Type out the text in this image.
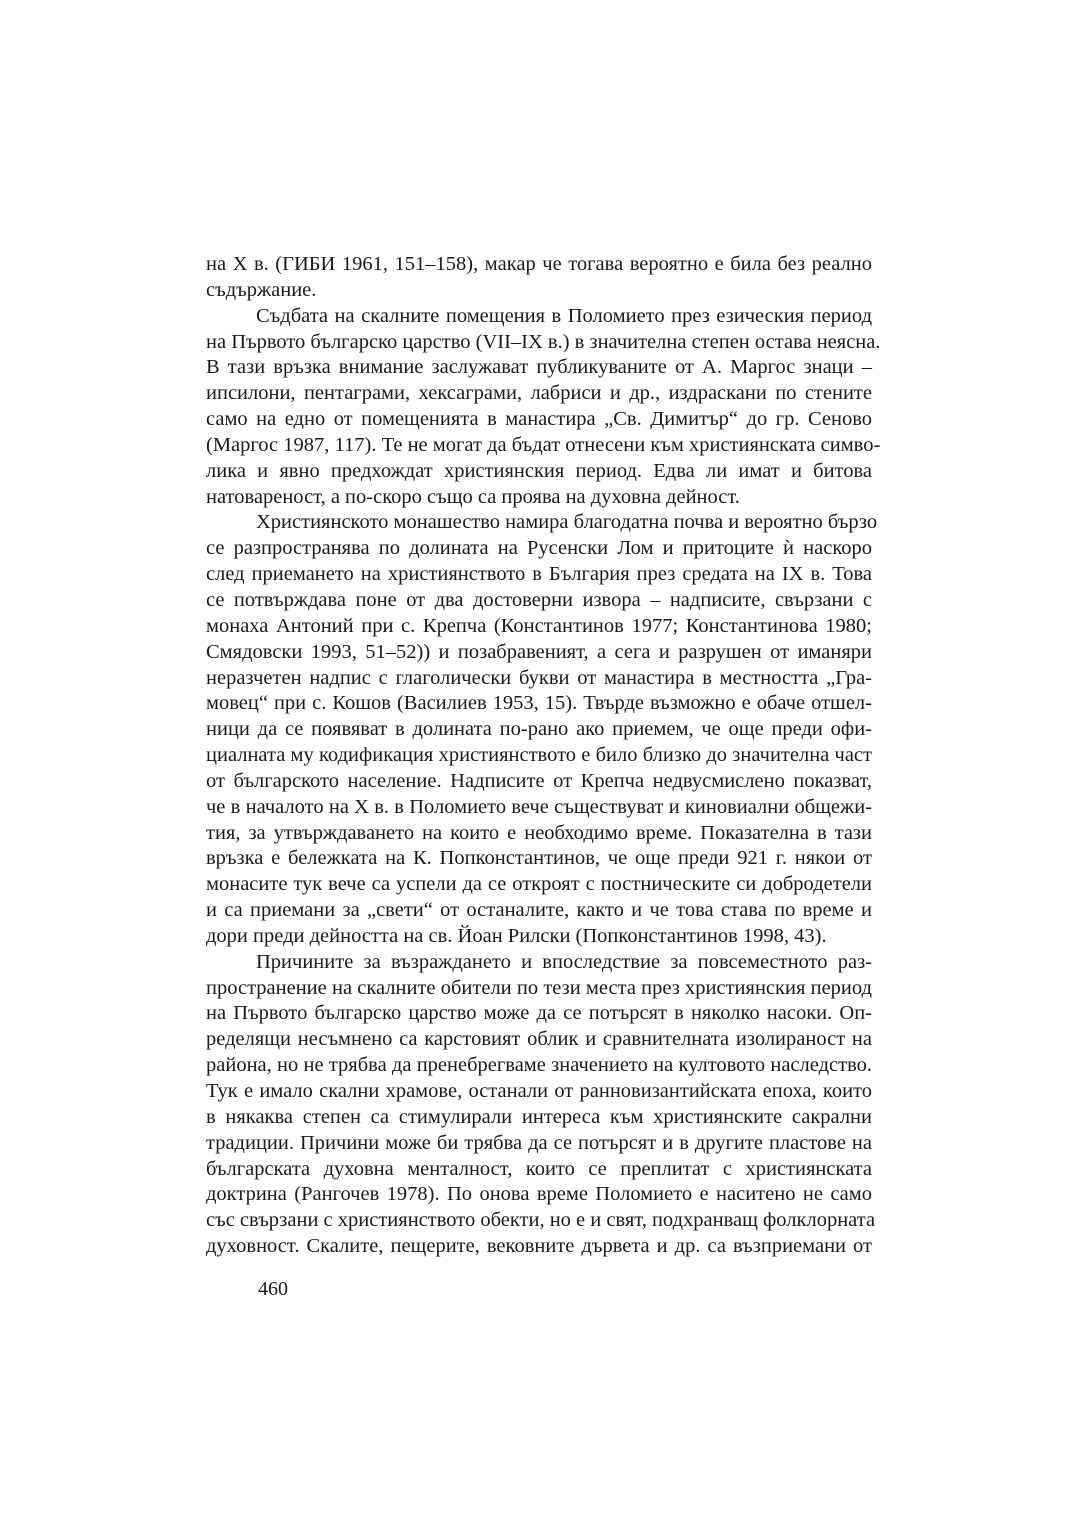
на X в. (ГИБИ 1961, 151–158), макар че тогава вероятно е била без реално
съдържание.
Съдбата на скалните помещения в Поломието през езическия период
на Първото българско царство (VII–IX в.) в значителна степен остава неясна.
В тази връзка внимание заслужават публикуваните от А. Маргос знаци –
ипсилони, пентаграми, хексаграми, лабриси и др., издраскани по стените
само на едно от помещенията в манастира „Св. Димитър“ до гр. Сеново
(Маргос 1987, 117). Те не могат да бъдат отнесени към християнската симво-
лика и явно предхождат християнския период. Едва ли имат и битова
натовареност, а по-скоро също са проява на духовна дейност.
Християнското монашество намира благодатна почва и вероятно бързо
се разпространява по долината на Русенски Лом и притоците ѝ наскоро
след приемането на християнството в България през средата на IX в. Това
се потвърждава поне от два достоверни извора – надписите, свързани с
монаха Антоний при с. Крепча (Константинов 1977; Константинова 1980;
Смядовски 1993, 51–52)) и позабравеният, а сега и разрушен от иманяри
неразчетен надпис с глаголически букви от манастира в местността „Гра-
мовец“ при с. Кошов (Василиев 1953, 15). Твърде възможно е обаче отшел-
ници да се появяват в долината по-рано ако приемем, че още преди офи-
циалната му кодификация християнството е било близко до значителна част
от българското население. Надписите от Крепча недвусмислено показват,
че в началото на X в. в Поломието вече съществуват и киновиални общежи-
тия, за утвърждаването на които е необходимо време. Показателна в тази
връзка е бележката на К. Попконстантинов, че още преди 921 г. някои от
монасите тук вече са успели да се откроят с постническите си добродетели
и са приемани за „свети“ от останалите, както и че това става по време и
дори преди дейността на св. Йоан Рилски (Попконстантинов 1998, 43).
Причините за възраждането и впоследствие за повсеместното раз-
пространение на скалните обители по тези места през християнския период
на Първото българско царство може да се потърсят в няколко насоки. Оп-
ределящи несъмнено са карстовият облик и сравнителната изолираност на
района, но не трябва да пренебрегваме значението на култовото наследство.
Тук е имало скални храмове, останали от ранновизантийската епоха, които
в някаква степен са стимулирали интереса към християнските сакрални
традиции. Причини може би трябва да се потърсят и в другите пластове на
българската духовна менталност, които се преплитат с християнската
доктрина (Рангочев 1978). По онова време Поломието е наситено не само
със свързани с християнството обекти, но е и свят, подхранващ фолклорната
духовност. Скалите, пещерите, вековните дървета и др. са възприемани от
460
